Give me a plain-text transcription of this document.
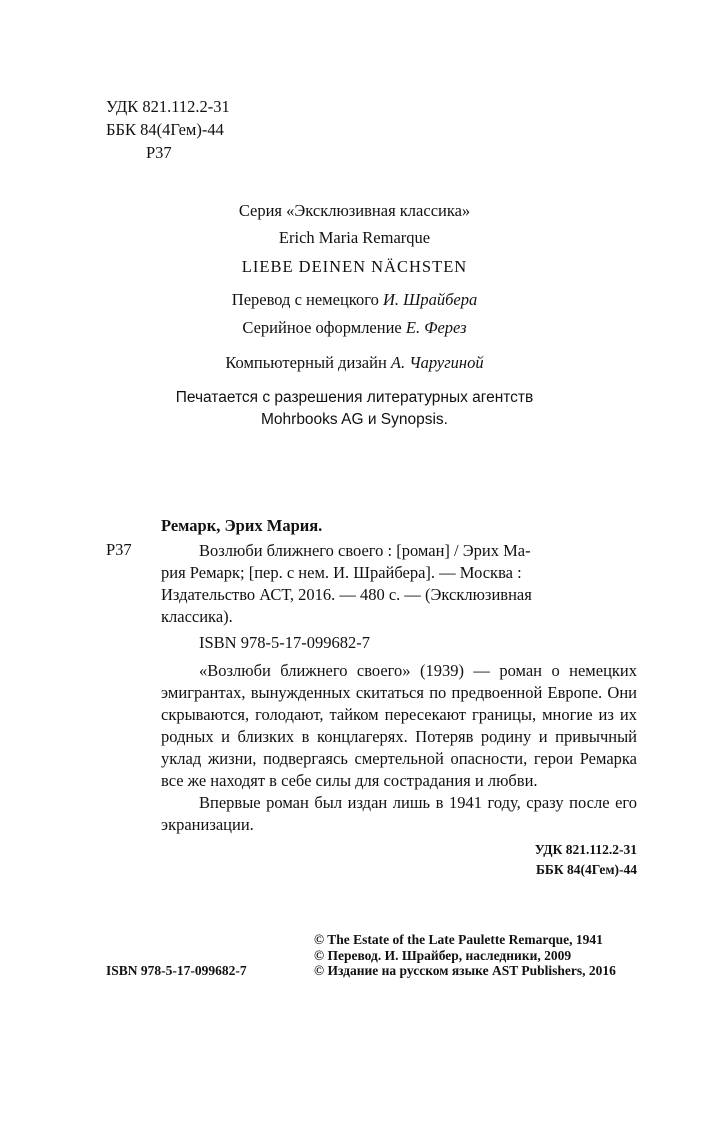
УДК 821.112.2-31
ББК 84(4Гем)-44
Р37
Серия «Эксклюзивная классика»
Erich Maria Remarque
LIEBE DEINEN NÄCHSTEN
Перевод с немецкого И. Шрайбера
Серийное оформление Е. Ферез
Компьютерный дизайн А. Чаругиной
Печатается с разрешения литературных агентств
Mohrbooks AG и Synopsis.
Ремарк, Эрих Мария.
Р37	Возлюби ближнего своего : [роман] / Эрих Ма-
рия Ремарк; [пер. с нем. И. Шрайбера]. — Москва :
Издательство АСТ, 2016. — 480 с. — (Эксклюзивная
классика).
ISBN 978-5-17-099682-7
«Возлюби ближнего своего» (1939) — роман о немецких эмигрантах, вынужденных скитаться по предвоенной Европе. Они скрываются, голодают, тайком пересекают границы, многие из их родных и близких в концлагерях. Потеряв родину и привычный уклад жизни, подвергаясь смертельной опасности, герои Ремарка все же находят в себе силы для сострадания и любви.
Впервые роман был издан лишь в 1941 году, сразу после его экранизации.
УДК 821.112.2-31
ББК 84(4Гем)-44
ISBN 978-5-17-099682-7
© The Estate of the Late Paulette Remarque, 1941
© Перевод. И. Шрайбер, наследники, 2009
© Издание на русском языке AST Publishers, 2016
